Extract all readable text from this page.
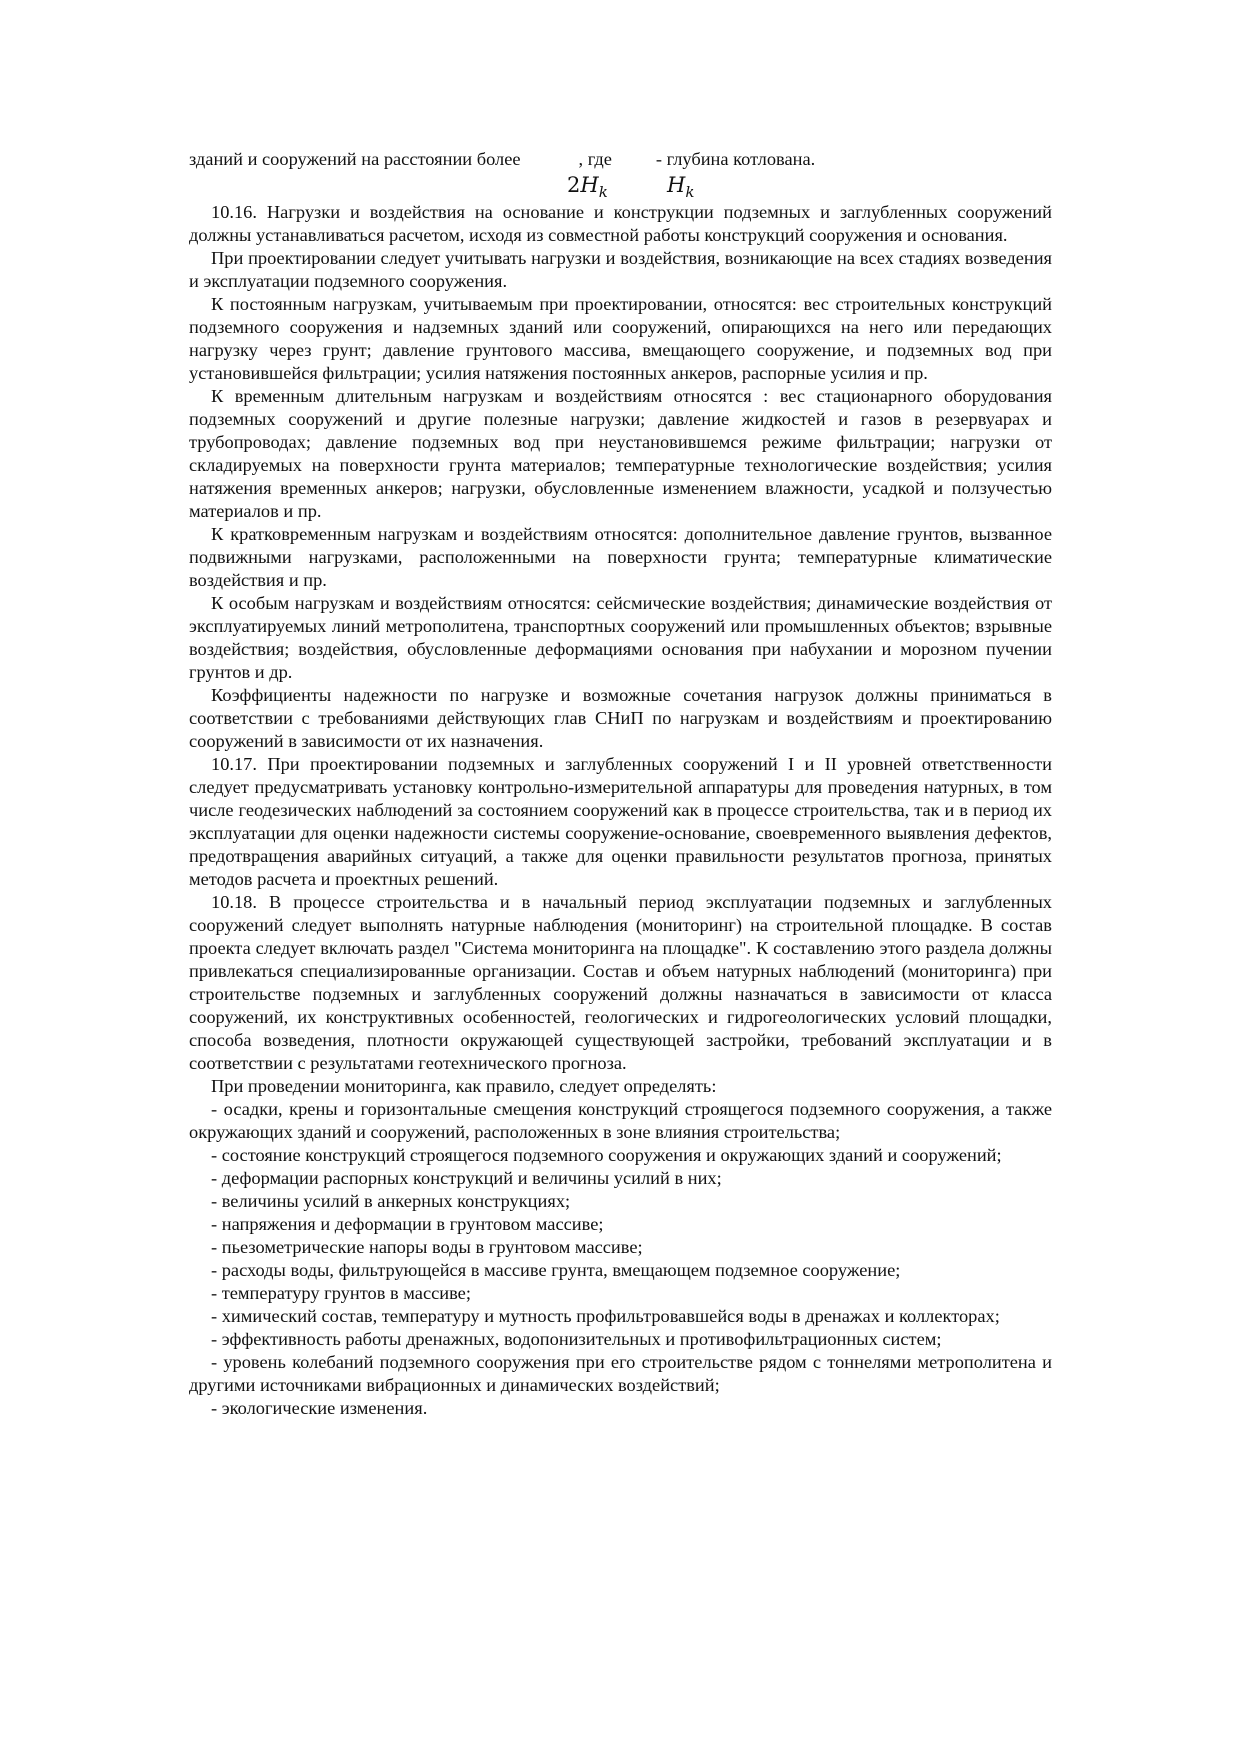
зданий и сооружений на расстоянии более	, где - глубина котлована.
$2H_k$	$H_k$

10.16. Нагрузки и воздействия на основание и конструкции подземных и заглубленных сооружений должны устанавливаться расчетом, исходя из совместной работы конструкций сооружения и основания.

При проектировании следует учитывать нагрузки и воздействия, возникающие на всех стадиях возведения и эксплуатации подземного сооружения.

К постоянным нагрузкам, учитываемым при проектировании, относятся: вес строительных конструкций подземного сооружения и надземных зданий или сооружений, опирающихся на него или передающих нагрузку через грунт; давление грунтового массива, вмещающего сооружение, и подземных вод при установившейся фильтрации; усилия натяжения постоянных анкеров, распорные усилия и пр.

К временным длительным нагрузкам и воздействиям относятся : вес стационарного оборудования подземных сооружений и другие полезные нагрузки; давление жидкостей и газов в резервуарах и трубопроводах; давление подземных вод при неустановившемся режиме фильтрации; нагрузки от складируемых на поверхности грунта материалов; температурные технологические воздействия; усилия натяжения временных анкеров; нагрузки, обусловленные изменением влажности, усадкой и ползучестью материалов и пр.

К кратковременным нагрузкам и воздействиям относятся: дополнительное давление грунтов, вызванное подвижными нагрузками, расположенными на поверхности грунта; температурные климатические воздействия и пр.

К особым нагрузкам и воздействиям относятся: сейсмические воздействия; динамические воздействия от эксплуатируемых линий метрополитена, транспортных сооружений или промышленных объектов; взрывные воздействия; воздействия, обусловленные деформациями основания при набухании и морозном пучении грунтов и др.

Коэффициенты надежности по нагрузке и возможные сочетания нагрузок должны приниматься в соответствии с требованиями действующих глав СНиП по нагрузкам и воздействиям и проектированию сооружений в зависимости от их назначения.

10.17. При проектировании подземных и заглубленных сооружений I и II уровней ответственности следует предусматривать установку контрольно-измерительной аппаратуры для проведения натурных, в том числе геодезических наблюдений за состоянием сооружений как в процессе строительства, так и в период их эксплуатации для оценки надежности системы сооружение-основание, своевременного выявления дефектов, предотвращения аварийных ситуаций, а также для оценки правильности результатов прогноза, принятых методов расчета и проектных решений.

10.18. В процессе строительства и в начальный период эксплуатации подземных и заглубленных сооружений следует выполнять натурные наблюдения (мониторинг) на строительной площадке. В состав проекта следует включать раздел "Система мониторинга на площадке". К составлению этого раздела должны привлекаться специализированные организации. Состав и объем натурных наблюдений (мониторинга) при строительстве подземных и заглубленных сооружений должны назначаться в зависимости от класса сооружений, их конструктивных особенностей, геологических и гидрогеологических условий площадки, способа возведения, плотности окружающей существующей застройки, требований эксплуатации и в соответствии с результатами геотехнического прогноза.

При проведении мониторинга, как правило, следует определять:

- осадки, крены и горизонтальные смещения конструкций строящегося подземного сооружения, а также окружающих зданий и сооружений, расположенных в зоне влияния строительства;

- состояние конструкций строящегося подземного сооружения и окружающих зданий и сооружений;

- деформации распорных конструкций и величины усилий в них;

- величины усилий в анкерных конструкциях;

- напряжения и деформации в грунтовом массиве;

- пьезометрические напоры воды в грунтовом массиве;

- расходы воды, фильтрующейся в массиве грунта, вмещающем подземное сооружение;

- температуру грунтов в массиве;

- химический состав, температуру и мутность профильтровавшейся воды в дренажах и коллекторах;

- эффективность работы дренажных, водопонизительных и противофильтрационных систем;

- уровень колебаний подземного сооружения при его строительстве рядом с тоннелями метрополитена и другими источниками вибрационных и динамических воздействий;

- экологические изменения.
